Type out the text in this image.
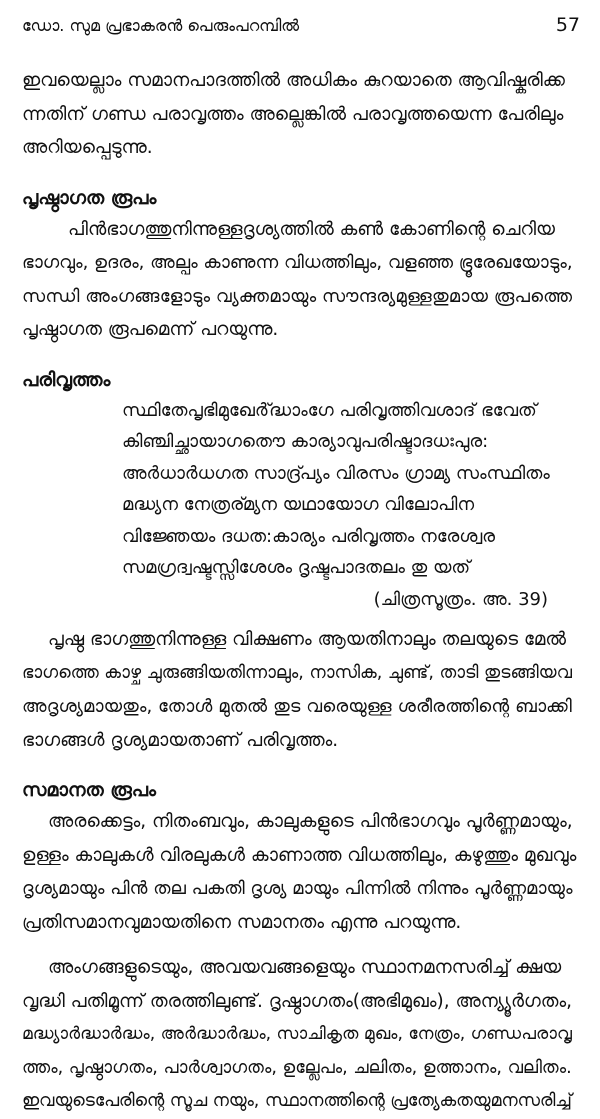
ഡോ. സുമ പ്രഭാകരൻ പെരുംപറമ്പിൽ	57

ഇവയെല്ലാം സമാനപാദത്തിൽ അധികം കുറയാതെ ആവിഷ്കരിക്ക

ന്നതിന് ഗണ്ഡ പരാവൃത്തം അല്ലെങ്കിൽ പരാവൃത്തയെന്ന പേരിലും

അറിയപ്പെടുന്നു.

പൃഷ്ഠാഗത രൂപം

പിൻഭാഗത്തുനിന്നുള്ളദൃശ്യത്തിൽ കൺ കോണിന്റെ ചെറിയ

ഭാഗവും, ഉദരം, അല്പം കാണുന്ന വിധത്തിലും, വളഞ്ഞ ഭ്രൂരേഖയോടും,

സന്ധി അംഗങ്ങളോടും വ്യക്തമായും സൗന്ദര്യമുള്ളതുമായ രൂപത്തെ

പൃഷ്ഠാഗത രൂപമെന്ന് പറയുന്നു.

പരിവൃത്തം

സ്ഥിതേപൃഭിമുഖേർ്ദ്ധാംഗേ പരിവൃത്തിവശാദ് ഭവേത്

കിഞ്ചിച്ഛായാഗതൌ കാര്യാവുപരിഷ്ടാദധഃപുര:

അർധാർധഗത സാദ്ര്പ്യം വിരസം ഗ്രാമ്യ സംസ്ഥിതം

മദ്ധ്യന നേത്രര്മ്യന യഥായോഗ വിലോപിന

വിജ്ഞേയം ദധത:കാര്യം പരിവൃത്തം നരേശ്വര

സമഗ്രദ്വഷ്ടസ്സിശേശം ദൃഷ്ടപാദതലം തു യത്

(ചിത്രസൂത്രം. അ. 39)

പൃഷ്ഠ ഭാഗത്തുനിന്നുള്ള വിക്ഷണം ആയതിനാലും തലയുടെ മേൽ

ഭാഗത്തെ കാഴ്ച ചുരുങ്ങിയതിന്നാലും, നാസിക, ചുണ്ട്, താടി തുടങ്ങിയവ

അദൃശ്യമായതും, തോൾ മുതൽ തുട വരെയുള്ള ശരീരത്തിന്റെ ബാക്കി

ഭാഗങ്ങൾ ദൃശ്യമായതാണ് പരിവൃത്തം.

സമാനത രൂപം

അരക്കെട്ടം, നിതംബവും, കാലുകളുടെ പിൻഭാഗവും പൂർണ്ണമായും,

ഉള്ളം കാലുകൾ വിരലുകൾ കാണാത്ത വിധത്തിലും, കഴുത്തും മുഖവും

ദൃശ്യമായും പിൻ തല പകതി ദൃശ്യ മായും പിന്നിൽ നിന്നും പൂർണ്ണമായും

പ്രതിസമാനവുമായതിനെ സമാനതം എന്നു പറയുന്നു.

അംഗങ്ങളുടെയും, അവയവങ്ങളെയും സ്ഥാനമനസരിച്ച് ക്ഷയ

വൃദ്ധി പതിമൂന്ന് തരത്തിലുണ്ട്. ദൃഷ്ഠാഗതം(അഭിമുഖം), അന്യ്യൂർഗതം,

മദ്ധ്യാർദ്ധാർദ്ധം, അർദ്ധാർദ്ധം, സാചികൃത മുഖം, നേത്രം, ഗണ്ഡപരാവൃ

ത്തം, പൃഷ്ഠാഗതം, പാർശ്വാഗതം, ഉല്ലേപം, ചലിതം, ഉത്താനം, വലിതം.

ഇവയുടെപേരിന്റെ സൂച നയും, സ്ഥാനത്തിന്റെ പ്രത്യേകതയുമനസരിച്ച്
